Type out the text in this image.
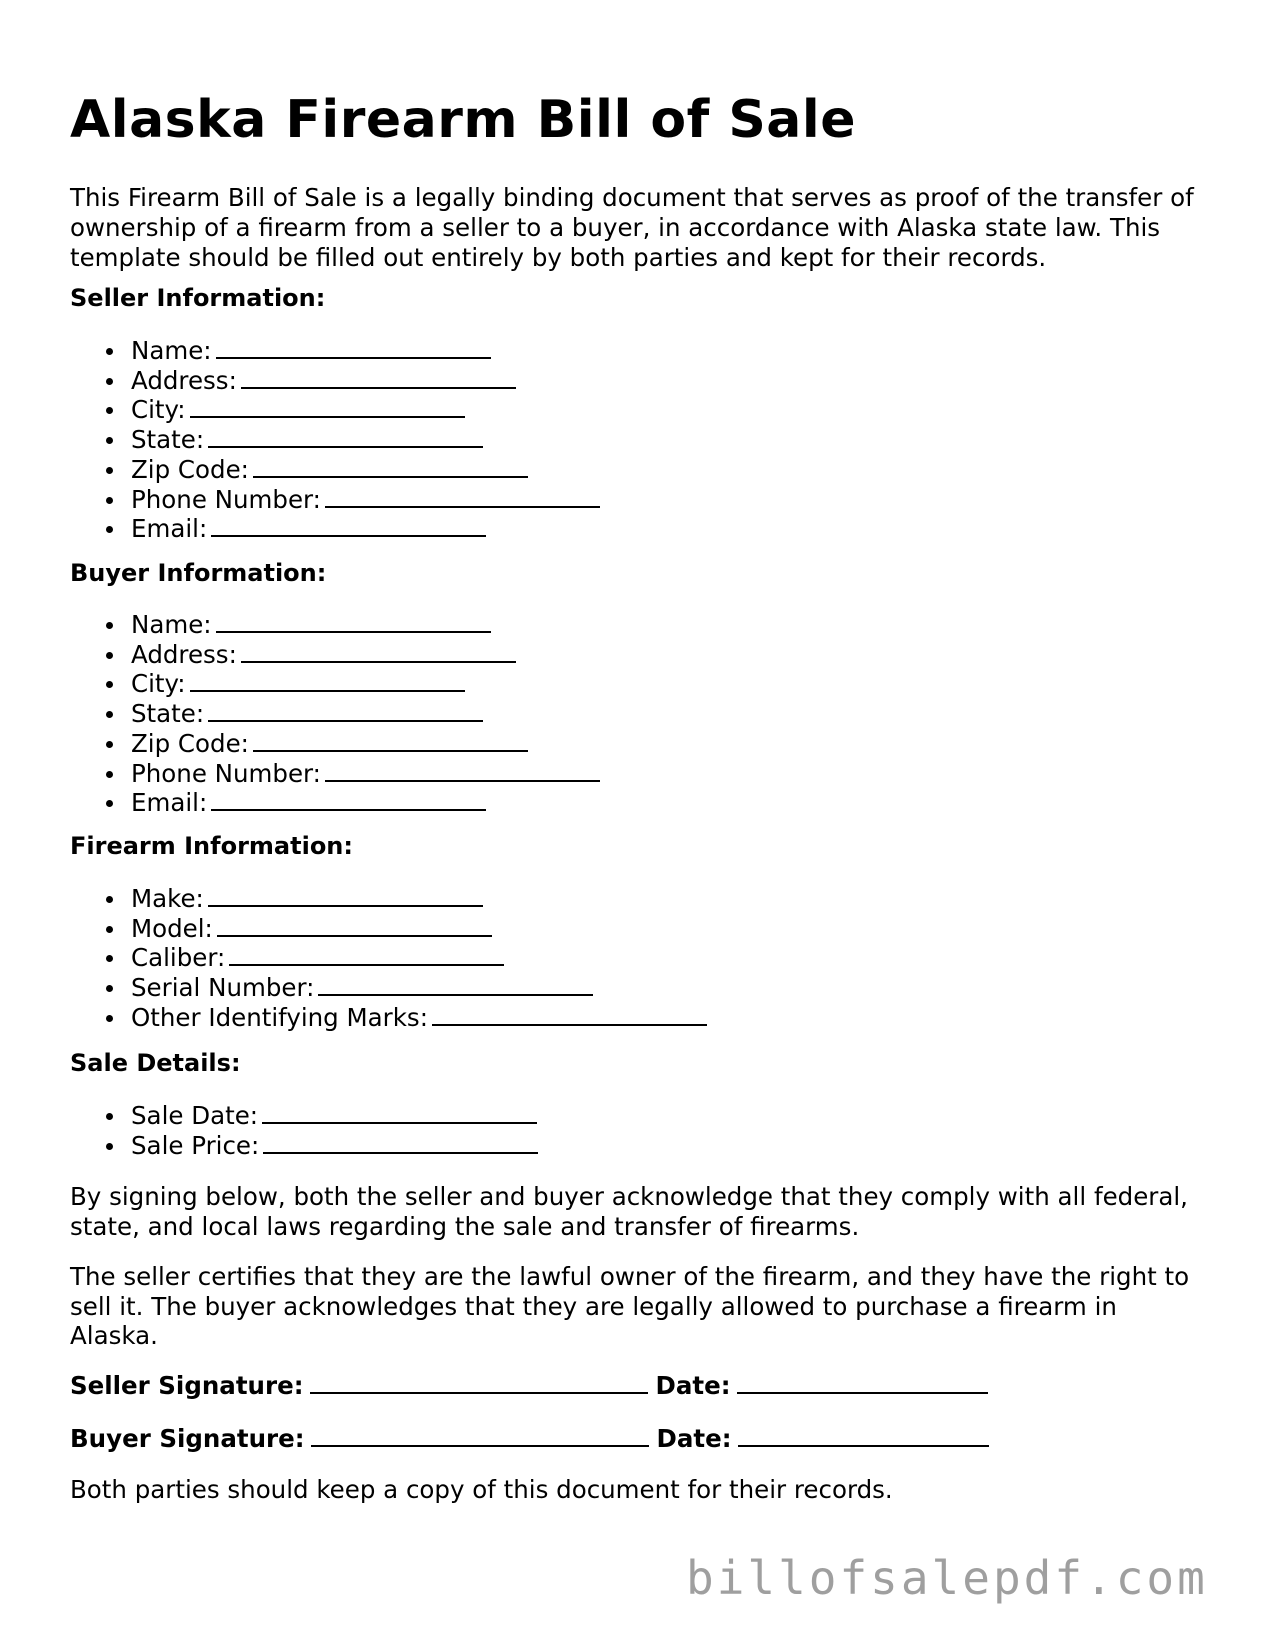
Alaska Firearm Bill of Sale

This Firearm Bill of Sale is a legally binding document that serves as proof of the transfer of ownership of a firearm from a seller to a buyer, in accordance with Alaska state law. This template should be filled out entirely by both parties and kept for their records.

Seller Information:
Name:
Address:
City:
State:
Zip Code:
Phone Number:
Email:
Buyer Information:
Name:
Address:
City:
State:
Zip Code:
Phone Number:
Email:
Firearm Information:
Make:
Model:
Caliber:
Serial Number:
Other Identifying Marks:
Sale Details:
Sale Date:
Sale Price:

By signing below, both the seller and buyer acknowledge that they comply with all federal, state, and local laws regarding the sale and transfer of firearms.

The seller certifies that they are the lawful owner of the firearm, and they have the right to sell it. The buyer acknowledges that they are legally allowed to purchase a firearm in Alaska.

Seller Signature:	Date:
Buyer Signature:	Date:

Both parties should keep a copy of this document for their records.

billofsalepdf.com
